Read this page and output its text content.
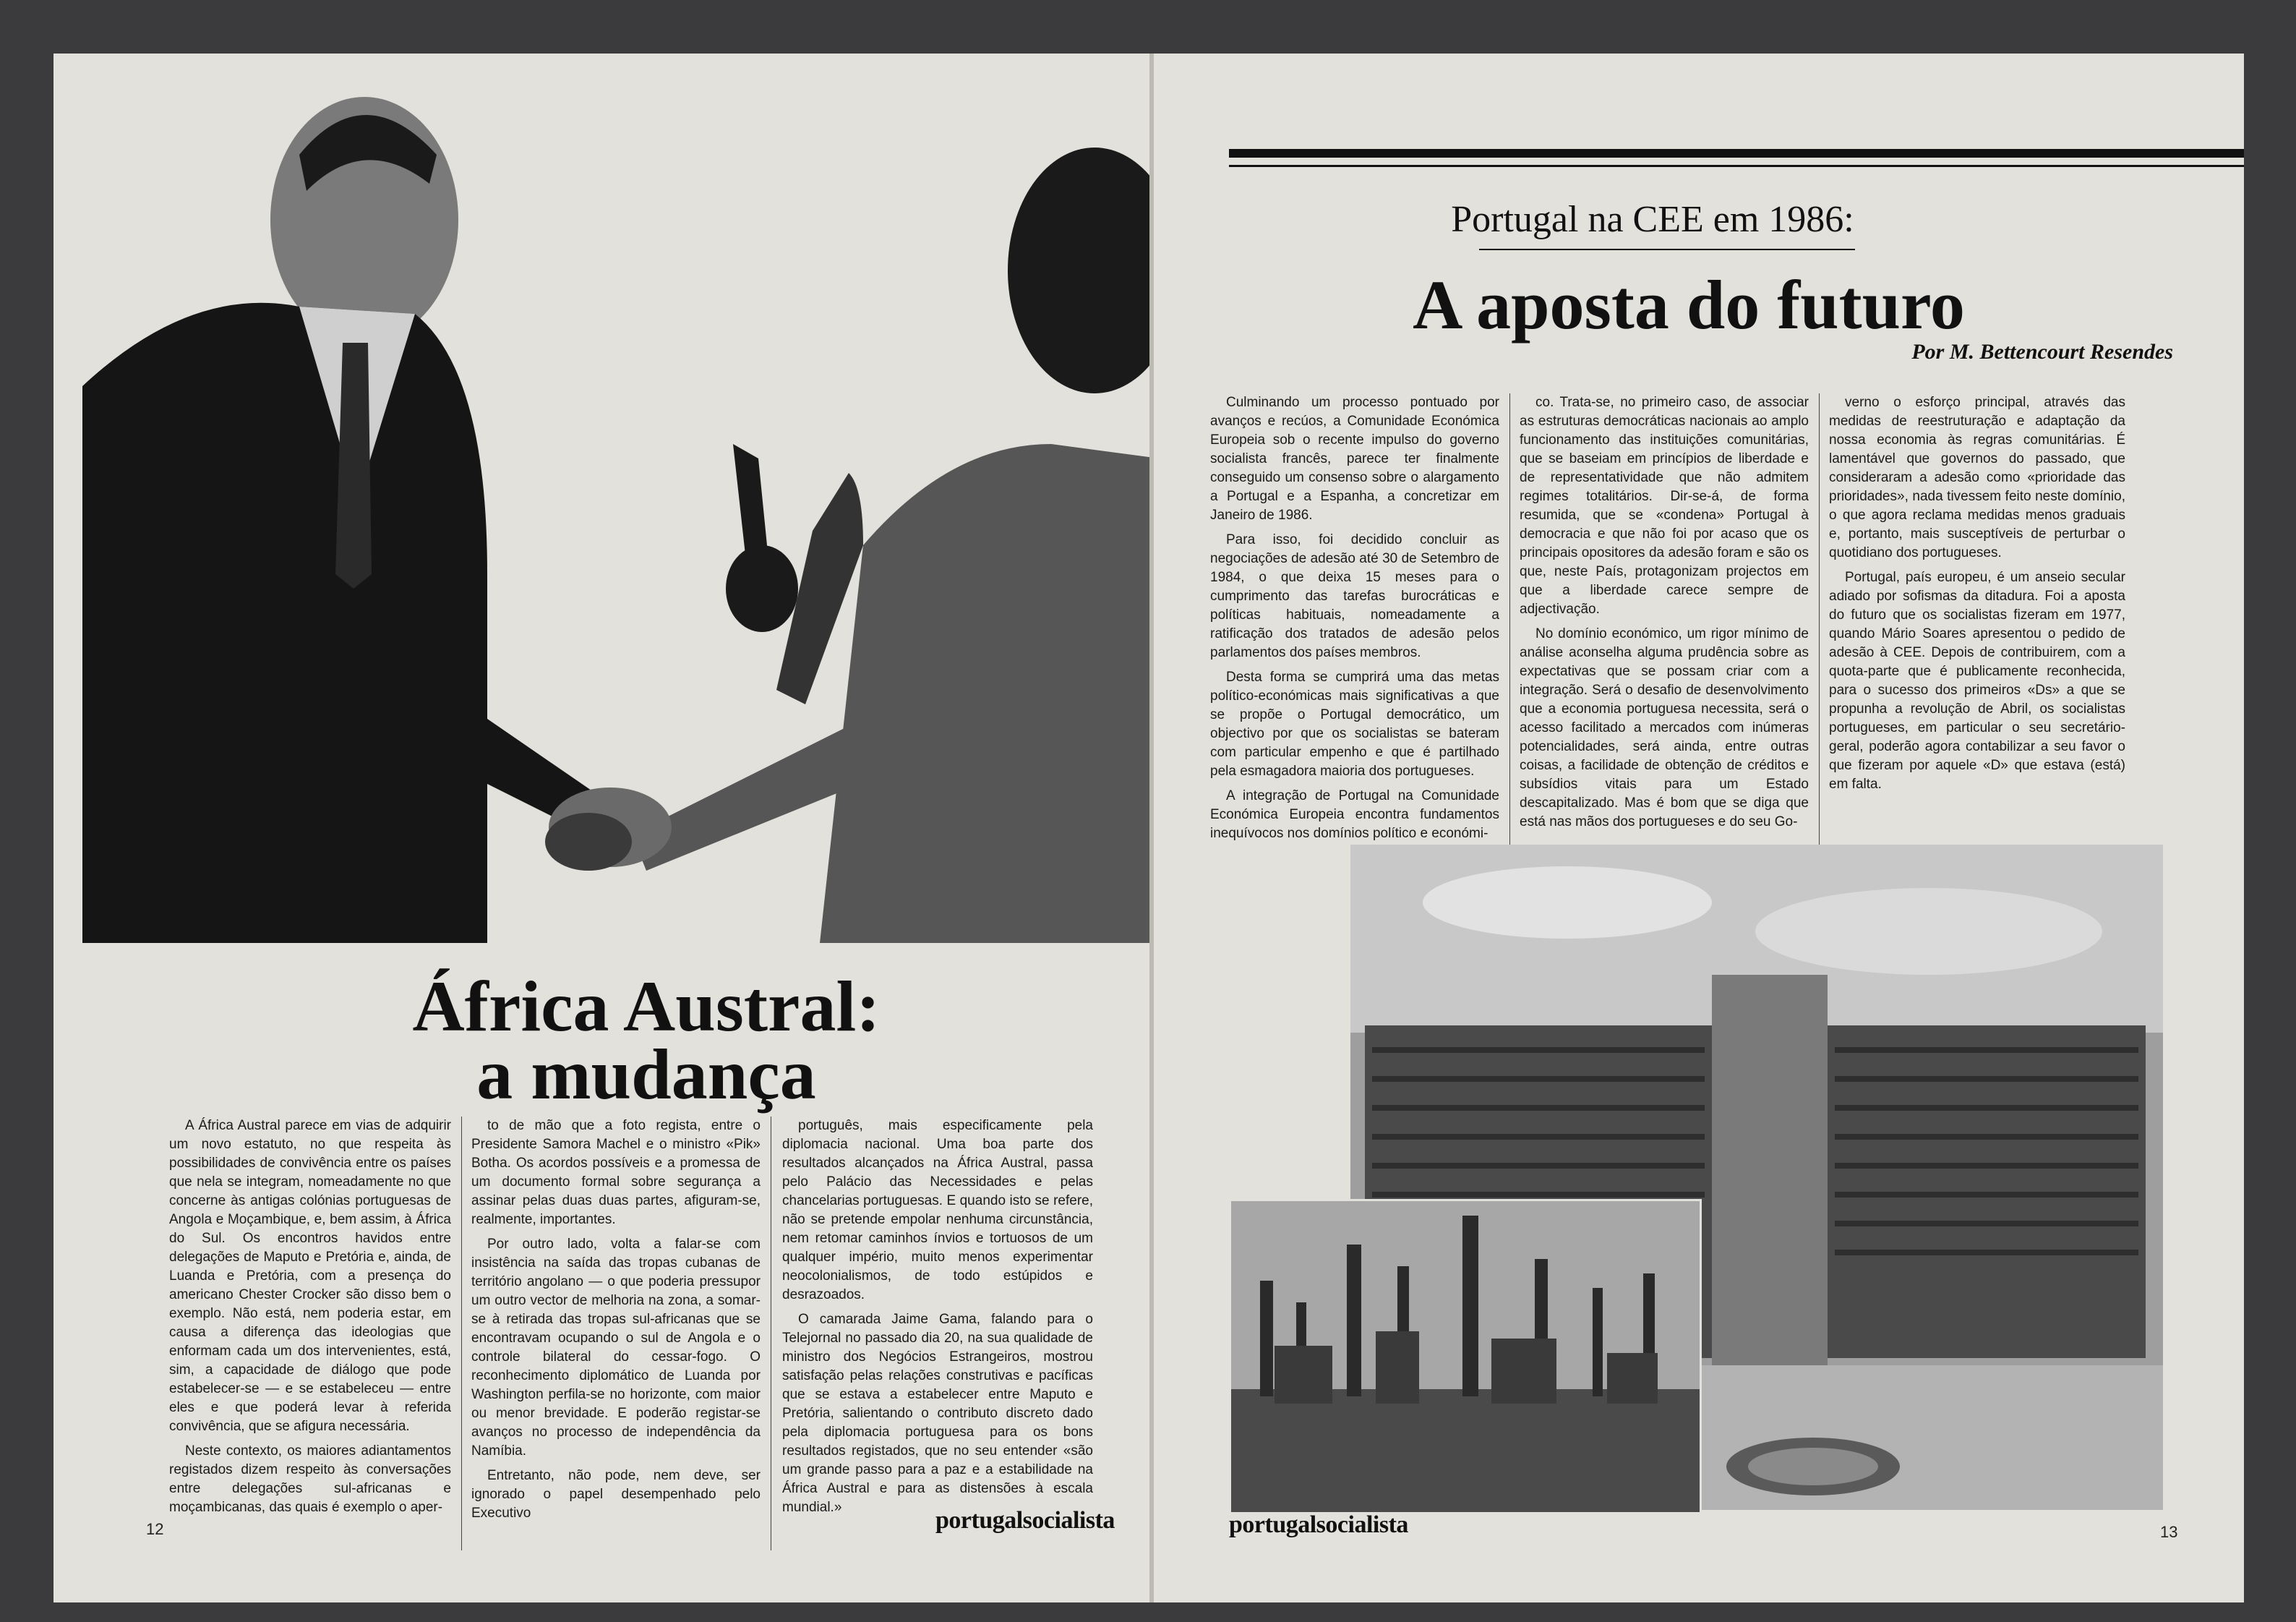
África Austral:
a mudança

A África Austral parece em vias de adquirir um novo estatuto, no que respeita às possibilidades de convivência entre os países que nela se integram, nomeadamente no que concerne às antigas colónias portuguesas de Angola e Moçambique, e, bem assim, à África do Sul. Os encontros havidos entre delegações de Maputo e Pretória e, ainda, de Luanda e Pretória, com a presença do americano Chester Crocker são disso bem o exemplo. Não está, nem poderia estar, em causa a diferença das ideologias que enformam cada um dos intervenientes, está, sim, a capacidade de diálogo que pode estabelecer-se — e se estabeleceu — entre eles e que poderá levar à referida convivência, que se afigura necessária.

Neste contexto, os maiores adiantamentos registados dizem respeito às conversações entre delegações sul-africanas e moçambicanas, das quais é exemplo o aper-

to de mão que a foto regista, entre o Presidente Samora Machel e o ministro «Pik» Botha. Os acordos possíveis e a promessa de um documento formal sobre segurança a assinar pelas duas duas partes, afiguram-se, realmente, importantes.

Por outro lado, volta a falar-se com insistência na saída das tropas cubanas de território angolano — o que poderia pressupor um outro vector de melhoria na zona, a somar-se à retirada das tropas sul-africanas que se encontravam ocupando o sul de Angola e o controle bilateral do cessar-fogo. O reconhecimento diplomático de Luanda por Washington perfila-se no horizonte, com maior ou menor brevidade. E poderão registar-se avanços no processo de independência da Namíbia.

Entretanto, não pode, nem deve, ser ignorado o papel desempenhado pelo Executivo

português, mais especificamente pela diplomacia nacional. Uma boa parte dos resultados alcançados na África Austral, passa pelo Palácio das Necessidades e pelas chancelarias portuguesas. E quando isto se refere, não se pretende empolar nenhuma circunstância, nem retomar caminhos ínvios e tortuosos de um qualquer império, muito menos experimentar neocolonialismos, de todo estúpidos e desrazoados.

O camarada Jaime Gama, falando para o Telejornal no passado dia 20, na sua qualidade de ministro dos Negócios Estrangeiros, mostrou satisfação pelas relações construtivas e pacíficas que se estava a estabelecer entre Maputo e Pretória, salientando o contributo discreto dado pela diplomacia portuguesa para os bons resultados registados, que no seu entender «são um grande passo para a paz e a estabilidade na África Austral e para as distensões à escala mundial.»

12	portugalsocialista
Portugal na CEE em 1986:
A aposta do futuro
Por M. Bettencourt Resendes

Culminando um processo pontuado por avanços e recúos, a Comunidade Económica Europeia sob o recente impulso do governo socialista francês, parece ter finalmente conseguido um consenso sobre o alargamento a Portugal e a Espanha, a concretizar em Janeiro de 1986.

Para isso, foi decidido concluir as negociações de adesão até 30 de Setembro de 1984, o que deixa 15 meses para o cumprimento das tarefas burocráticas e políticas habituais, nomeadamente a ratificação dos tratados de adesão pelos parlamentos dos países membros.

Desta forma se cumprirá uma das metas político-económicas mais significativas a que se propõe o Portugal democrático, um objectivo por que os socialistas se bateram com particular empenho e que é partilhado pela esmagadora maioria dos portugueses.

A integração de Portugal na Comunidade Económica Europeia encontra fundamentos inequívocos nos domínios político e económi-

co. Trata-se, no primeiro caso, de associar as estruturas democráticas nacionais ao amplo funcionamento das instituições comunitárias, que se baseiam em princípios de liberdade e de representatividade que não admitem regimes totalitários. Dir-se-á, de forma resumida, que se «condena» Portugal à democracia e que não foi por acaso que os principais opositores da adesão foram e são os que, neste País, protagonizam projectos em que a liberdade carece sempre de adjectivação.

No domínio económico, um rigor mínimo de análise aconselha alguma prudência sobre as expectativas que se possam criar com a integração. Será o desafio de desenvolvimento que a economia portuguesa necessita, será o acesso facilitado a mercados com inúmeras potencialidades, será ainda, entre outras coisas, a facilidade de obtenção de créditos e subsídios vitais para um Estado descapitalizado. Mas é bom que se diga que está nas mãos dos portugueses e do seu Go-

verno o esforço principal, através das medidas de reestruturação e adaptação da nossa economia às regras comunitárias. É lamentável que governos do passado, que consideraram a adesão como «prioridade das prioridades», nada tivessem feito neste domínio, o que agora reclama medidas menos graduais e, portanto, mais susceptíveis de perturbar o quotidiano dos portugueses.

Portugal, país europeu, é um anseio secular adiado por sofismas da ditadura. Foi a aposta do futuro que os socialistas fizeram em 1977, quando Mário Soares apresentou o pedido de adesão à CEE. Depois de contribuirem, com a quota-parte que é publicamente reconhecida, para o sucesso dos primeiros «Ds» a que se propunha a revolução de Abril, os socialistas portugueses, em particular o seu secretário-geral, poderão agora contabilizar a seu favor o que fizeram por aquele «D» que estava (está) em falta.

portugalsocialista	13
